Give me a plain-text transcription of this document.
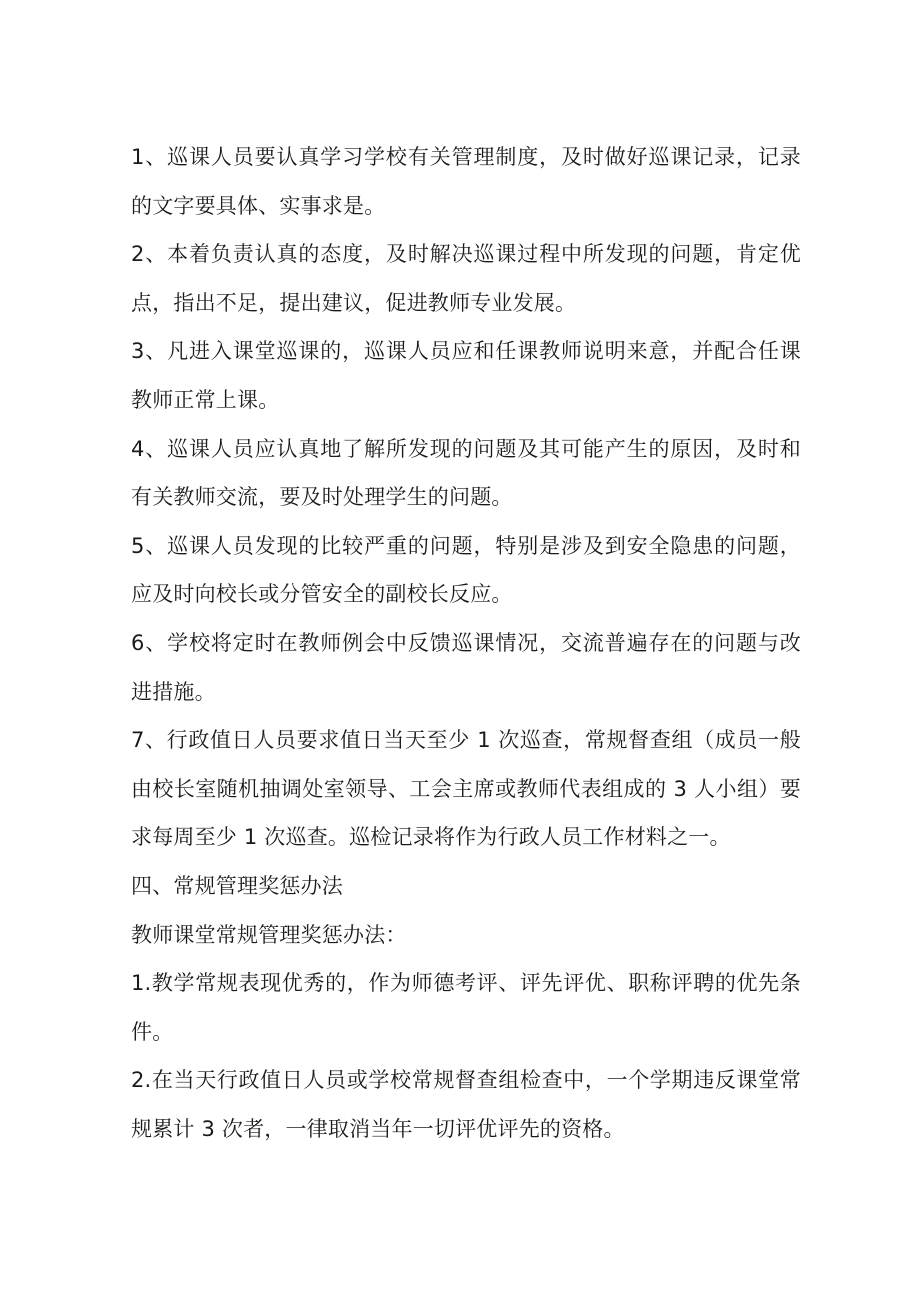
1、巡课人员要认真学习学校有关管理制度，及时做好巡课记录，记录的文字要具体、实事求是。

2、本着负责认真的态度，及时解决巡课过程中所发现的问题，肯定优点，指出不足，提出建议，促进教师专业发展。

3、凡进入课堂巡课的，巡课人员应和任课教师说明来意，并配合任课教师正常上课。

4、巡课人员应认真地了解所发现的问题及其可能产生的原因，及时和有关教师交流，要及时处理学生的问题。

5、巡课人员发现的比较严重的问题，特别是涉及到安全隐患的问题，应及时向校长或分管安全的副校长反应。

6、学校将定时在教师例会中反馈巡课情况，交流普遍存在的问题与改进措施。

7、行政值日人员要求值日当天至少 1 次巡查，常规督查组（成员一般由校长室随机抽调处室领导、工会主席或教师代表组成的 3 人小组）要求每周至少 1 次巡查。巡检记录将作为行政人员工作材料之一。

四、常规管理奖惩办法

教师课堂常规管理奖惩办法：

1.教学常规表现优秀的，作为师德考评、评先评优、职称评聘的优先条件。

2.在当天行政值日人员或学校常规督查组检查中，一个学期违反课堂常规累计 3 次者，一律取消当年一切评优评先的资格。
